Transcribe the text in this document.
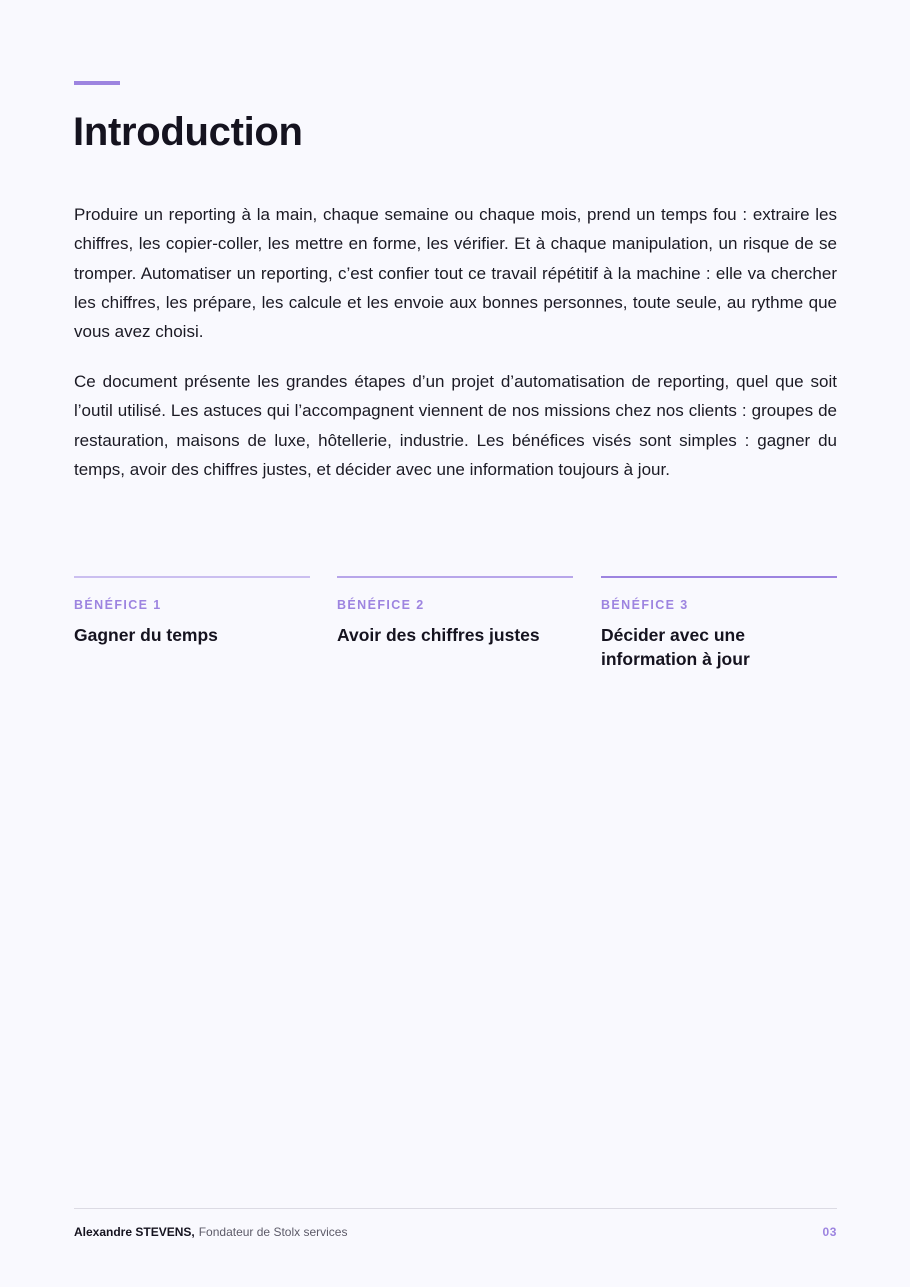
Introduction

Produire un reporting à la main, chaque semaine ou chaque mois, prend un temps fou : extraire les chiffres, les copier-coller, les mettre en forme, les vérifier. Et à chaque manipulation, un risque de se tromper. Automatiser un reporting, c’est confier tout ce travail répétitif à la machine : elle va chercher les chiffres, les prépare, les calcule et les envoie aux bonnes personnes, toute seule, au rythme que vous avez choisi.

Ce document présente les grandes étapes d’un projet d’automatisation de reporting, quel que soit l’outil utilisé. Les astuces qui l’accompagnent viennent de nos missions chez nos clients : groupes de restauration, maisons de luxe, hôtellerie, industrie. Les bénéfices visés sont simples : gagner du temps, avoir des chiffres justes, et décider avec une information toujours à jour.

BÉNÉFICE 1
Gagner du temps
BÉNÉFICE 2
Avoir des chiffres justes
BÉNÉFICE 3
Décider avec une information à jour
Alexandre STEVENS, Fondateur de Stolx services	03
